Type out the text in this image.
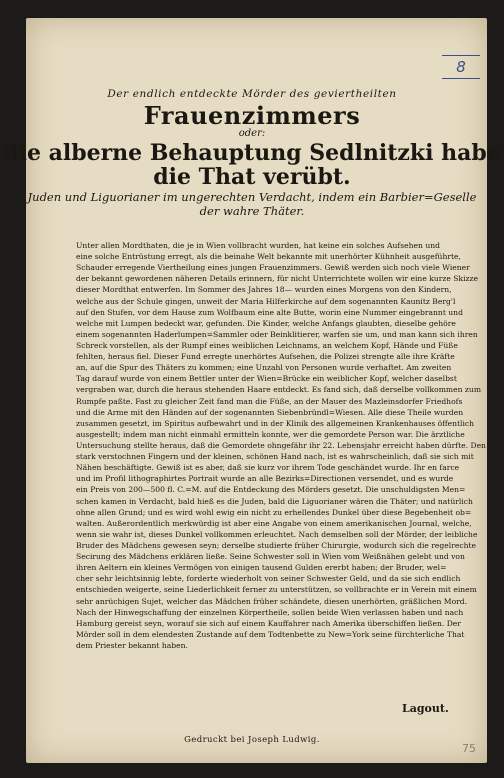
8
Der endlich entdeckte Mörder des geviertheilten
Frauenzimmers
oder:
die alberne Behauptung Sedlnitzki habe
die That verübt.
Juden und Liguorianer im ungerechten Verdacht, indem ein Barbier=Geselle
der wahre Thäter.
Unter allen Mordthaten, die je in Wien vollbracht wurden, hat keine ein solches Aufsehen und
eine solche Entrüstung erregt, als die beinahe Welt bekannte mit unerhörter Kühnheit ausgeführte,
Schauder erregende Viertheilung eines jungen Frauenzimmers. Gewiß werden sich noch viele Wiener
der bekannt gewordenen näheren Details erinnern, für nicht Unterrichtete wollen wir eine kurze Skizze
dieser Mordthat entwerfen. Im Sommer des Jahres 18— wurden eines Morgens von den Kindern,
welche aus der Schule gingen, unweit der Maria Hilferkirche auf dem sogenannten Kaunitz Berg'l
auf den Stufen, vor dem Hause zum Wolfbaum eine alte Butte, worin eine Nummer eingebrannt und
welche mit Lumpen bedeckt war, gefunden. Die Kinder, welche Anfangs glaubten, dieselbe gehöre
einem sogenannten Haderlumpen=Sammler oder Beinklitierer, warfen sie um, und man kann sich ihren
Schreck vorstellen, als der Rumpf eines weiblichen Leichnams, an welchem Kopf, Hände und Füße
fehlten, heraus fiel. Dieser Fund erregte unerhörtes Aufsehen, die Polizei strengte alle ihre Kräfte
an, auf die Spur des Thäters zu kommen; eine Unzahl von Personen wurde verhaftet. Am zweiten
Tag darauf wurde von einem Bettler unter der Wien=Brücke ein weiblicher Kopf, welcher daselbst
vergraben war, durch die heraus stehenden Haare entdeckt. Es fand sich, daß derselbe vollkommen zum
Rumpfe paßte. Fast zu gleicher Zeit fand man die Füße, an der Mauer des Mazleinsdorfer Friedhofs
und die Arme mit den Händen auf der sogenannten Siebenbründl=Wiesen. Alle diese Theile wurden
zusammen gesetzt, im Spiritus aufbewahrt und in der Klinik des allgemeinen Krankenhauses öffentlich
ausgestellt; indem man nicht einmahl ermitteln konnte, wer die gemordete Person war. Die ärztliche
Untersuchung stellte heraus, daß die Gemordete ohngefähr ihr 22. Lebensjahr erreicht haben dürfte. Den
stark verstochnen Fingern und der kleinen, schönen Hand nach, ist es wahrscheinlich, daß sie sich mit
Nähen beschäftigte. Gewiß ist es aber, daß sie kurz vor ihrem Tode geschändet wurde. Ihr en farce
und im Profil lithographirtes Portrait wurde an alle Bezirks=Directionen versendet, und es wurde
ein Preis von 200—500 fl. C.=M. auf die Entdeckung des Mörders gesetzt. Die unschuldigsten Men=
schen kamen in Verdacht, bald hieß es die Juden, bald die Liguorianer wären die Thäter; und natürlich
ohne allen Grund; und es wird wohl ewig ein nicht zu erhellendes Dunkel über diese Begebenheit ob=
walten. Außerordentlich merkwürdig ist aber eine Angabe von einem amerikanischen Journal, welche,
wenn sie wahr ist, dieses Dunkel vollkommen erleuchtet. Nach demselben soll der Mörder, der leibliche
Bruder des Mädchens gewesen seyn; derselbe studierte früher Chirurgie, wodurch sich die regelrechte
Secirung des Mädchens erklären ließe. Seine Schwester soll in Wien vom Weißnähen gelebt und von
ihren Aeltern ein kleines Vermögen von einigen tausend Gulden ererbt haben; der Bruder, wel=
cher sehr leichtsinnig lebte, forderte wiederholt von seiner Schwester Geld, und da sie sich endlich
entschieden weigerte, seine Liederlichkeit ferner zu unterstützen, so vollbrachte er in Verein mit einem
sehr anrüchigen Sujet, welcher das Mädchen früher schändete, diesen unerhörten, gräßlichen Mord.
Nach der Hinwegschaffung der einzelnen Körpertheile, sollen beide Wien verlassen haben und nach
Hamburg gereist seyn, worauf sie sich auf einem Kauffahrer nach Amerika überschiffen ließen. Der
Mörder soll in dem elendesten Zustande auf dem Todtenbette zu New=York seine fürchterliche That
dem Priester bekannt haben.
Lagout.
Gedruckt bei Joseph Ludwig.
75
